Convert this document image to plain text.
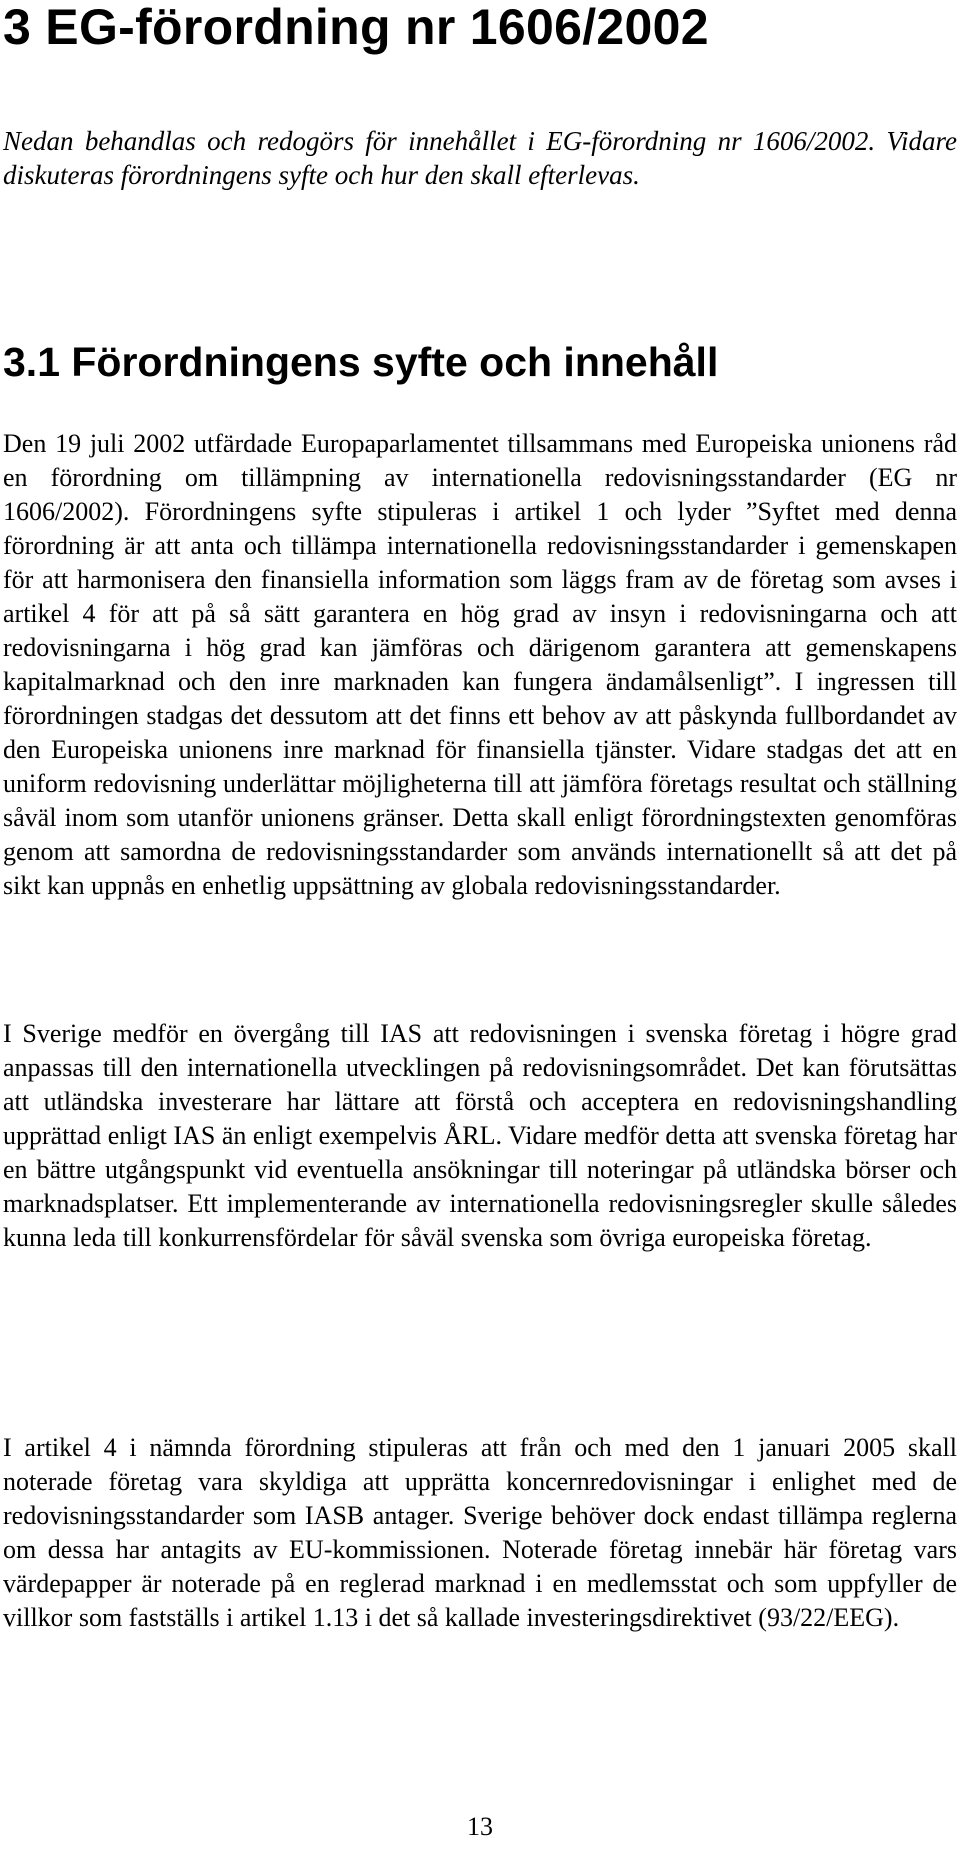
3 EG-förordning nr 1606/2002

Nedan behandlas och redogörs för innehållet i EG-förordning nr 1606/2002. Vidare diskuteras förordningens syfte och hur den skall efterlevas.

3.1 Förordningens syfte och innehåll

Den 19 juli 2002 utfärdade Europaparlamentet tillsammans med Europeiska unionens råd en förordning om tillämpning av internationella redovisningsstandarder (EG nr 1606/2002). Förordningens syfte stipuleras i artikel 1 och lyder ”Syftet med denna förordning är att anta och tillämpa internationella redovisningsstandarder i gemenskapen för att harmonisera den finansiella information som läggs fram av de företag som avses i artikel 4 för att på så sätt garantera en hög grad av insyn i redovisningarna och att redovisningarna i hög grad kan jämföras och därigenom garantera att gemenskapens kapitalmarknad och den inre marknaden kan fungera ändamålsenligt”. I ingressen till förordningen stadgas det dessutom att det finns ett behov av att påskynda fullbordandet av den Europeiska unionens inre marknad för finansiella tjänster. Vidare stadgas det att en uniform redovisning underlättar möjligheterna till att jämföra företags resultat och ställning såväl inom som utanför unionens gränser. Detta skall enligt förordningstexten genomföras genom att samordna de redovisningsstandarder som används internationellt så att det på sikt kan uppnås en enhetlig uppsättning av globala redovisningsstandarder.

I Sverige medför en övergång till IAS att redovisningen i svenska företag i högre grad anpassas till den internationella utvecklingen på redovisningsområdet. Det kan förutsättas att utländska investerare har lättare att förstå och acceptera en redovisningshandling upprättad enligt IAS än enligt exempelvis ÅRL. Vidare medför detta att svenska företag har en bättre utgångspunkt vid eventuella ansökningar till noteringar på utländska börser och marknadsplatser. Ett implementerande av internationella redovisningsregler skulle således kunna leda till konkurrensfördelar för såväl svenska som övriga europeiska företag.

I artikel 4 i nämnda förordning stipuleras att från och med den 1 januari 2005 skall noterade företag vara skyldiga att upprätta koncernredovisningar i enlighet med de redovisningsstandarder som IASB antager. Sverige behöver dock endast tillämpa reglerna om dessa har antagits av EU-kommissionen. Noterade företag innebär här företag vars värdepapper är noterade på en reglerad marknad i en medlemsstat och som uppfyller de villkor som fastställs i artikel 1.13 i det så kallade investeringsdirektivet (93/22/EEG).

13
